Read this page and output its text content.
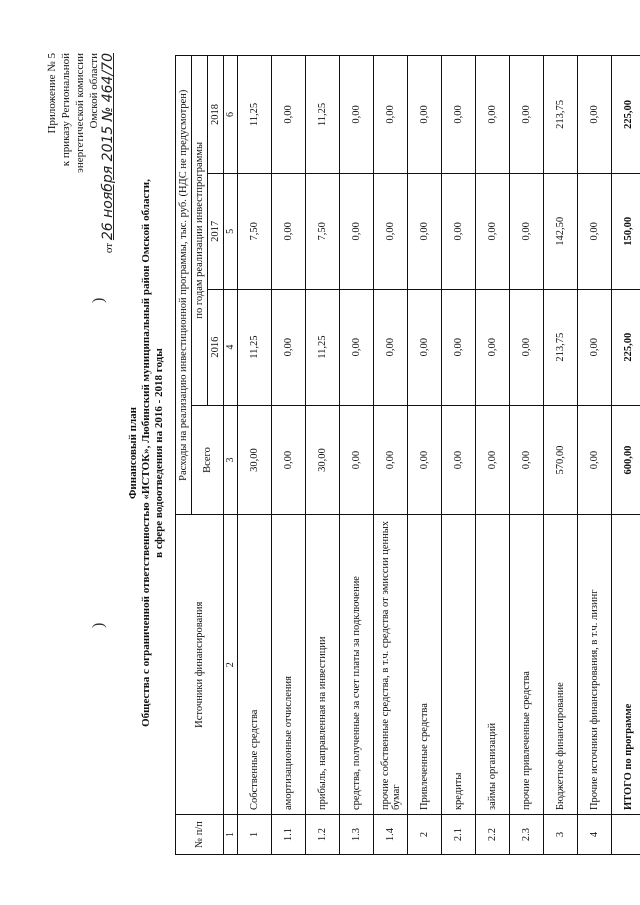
)
)
Приложение № 5 к приказу Региональной энергетической комиссии Омской области
от 26 ноября 2015 № 464/70
Финансовый план Общества с ограниченной ответственностью «ИСТОК», Любинский муниципальный район Омской области, в сфере водоотведения на 2016 - 2018 годы
№ п/п	Источники финансирования	Расходы на реализацию инвестиционной программы, тыс. руб. (НДС не предусмотрен)			
		Всего	по годам реализации инвестпрограммы		
			2016	2017	2018
1	2	3	4	5	6
1	Собственные средства	30,00	11,25	7,50	11,25
1.1	амортизационные отчисления	0,00	0,00	0,00	0,00
1.2	прибыль, направленная на инвестиции	30,00	11,25	7,50	11,25
1.3	средства, полученные за счет платы за подключение	0,00	0,00	0,00	0,00
1.4	прочие собственные средства, в т.ч. средства от эмиссии ценных бумаг	0,00	0,00	0,00	0,00
2	Привлеченные средства	0,00	0,00	0,00	0,00
2.1	кредиты	0,00	0,00	0,00	0,00
2.2	займы организаций	0,00	0,00	0,00	0,00
2.3	прочие привлеченные средства	0,00	0,00	0,00	0,00
3	Бюджетное финансирование	570,00	213,75	142,50	213,75
4	Прочие источники финансирования, в т.ч. лизинг	0,00	0,00	0,00	0,00
	ИТОГО по программе	600,00	225,00	150,00	225,00
